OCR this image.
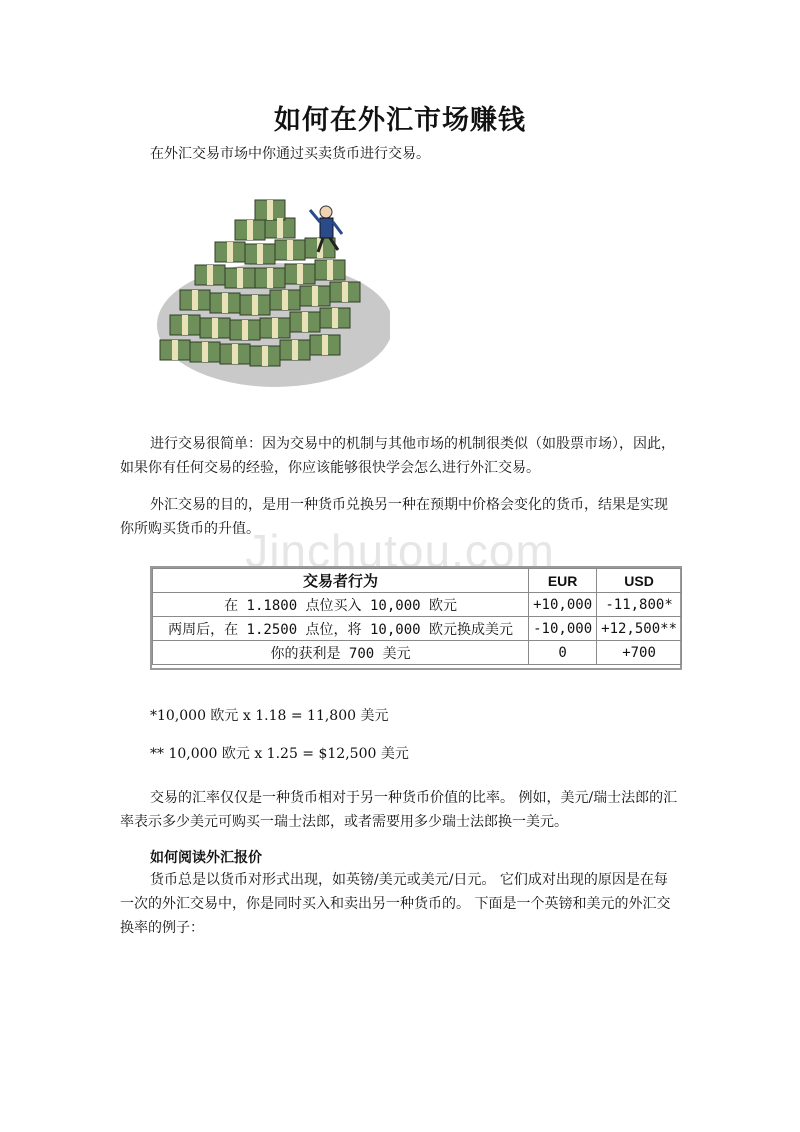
如何在外汇市场赚钱
在外汇交易市场中你通过买卖货币进行交易。
进行交易很简单：因为交易中的机制与其他市场的机制很类似（如股票市场），因此，如果你有任何交易的经验，你应该能够很快学会怎么进行外汇交易。
外汇交易的目的，是用一种货币兑换另一种在预期中价格会变化的货币，结果是实现你所购买货币的升值。
Jinchutou.com
交易者行为	EUR	USD
在 1.1800 点位买入 10,000 欧元	+10,000	-11,800*
两周后，在 1.2500 点位，将 10,000 欧元换成美元	-10,000	+12,500**
你的获利是 700 美元	0	+700
*10,000 欧元 x 1.18 = 11,800 美元
** 10,000 欧元 x 1.25 = $12,500 美元
交易的汇率仅仅是一种货币相对于另一种货币价值的比率。 例如，美元/瑞士法郎的汇率表示多少美元可购买一瑞士法郎，或者需要用多少瑞士法郎换一美元。
如何阅读外汇报价
货币总是以货币对形式出现，如英镑/美元或美元/日元。 它们成对出现的原因是在每一次的外汇交易中，你是同时买入和卖出另一种货币的。 下面是一个英镑和美元的外汇交换率的例子：
